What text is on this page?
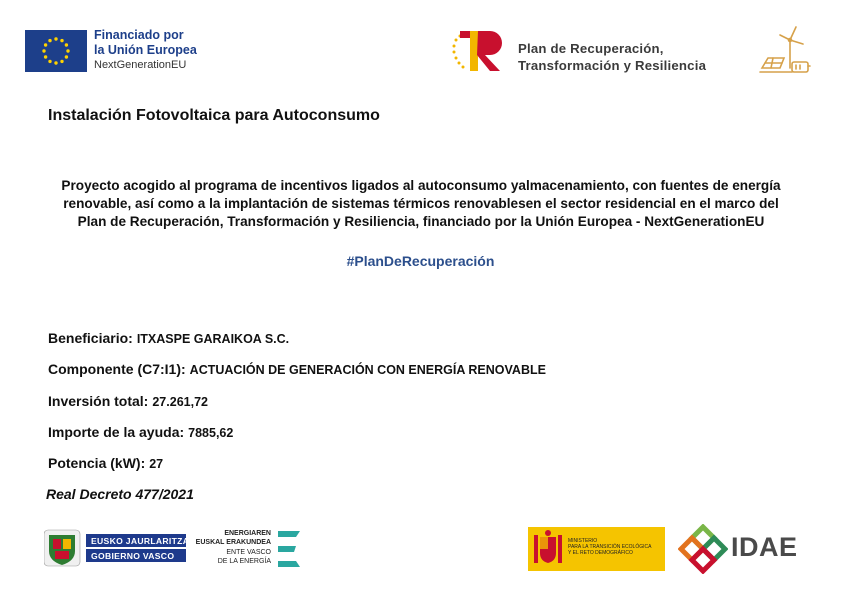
Financiado por
la Unión Europea
NextGenerationEU
Plan de Recuperación,
Transformación y Resiliencia
Instalación Fotovoltaica para Autoconsumo
Proyecto acogido al programa de incentivos ligados al autoconsumo yalmacenamiento, con fuentes de energía
renovable, así como a la implantación de sistemas térmicos renovablesen el sector residencial en el marco del
Plan de Recuperación, Transformación y Resiliencia, financiado por la Unión Europea - NextGenerationEU
#PlanDeRecuperación
Beneficiario: ITXASPE GARAIKOA S.C.
Componente (C7:I1): ACTUACIÓN DE GENERACIÓN CON ENERGÍA RENOVABLE
Inversión total: 27.261,72
Importe de la ayuda: 7885,62
Potencia (kW): 27
Real Decreto 477/2021
EUSKO JAURLARITZA
GOBIERNO VASCO
ENERGIAREN
EUSKAL ERAKUNDEA
ENTE VASCO
DE LA ENERGÍA
MINISTERIO
PARA LA TRANSICIÓN ECOLÓGICA
Y EL RETO DEMOGRÁFICO	IDAE
